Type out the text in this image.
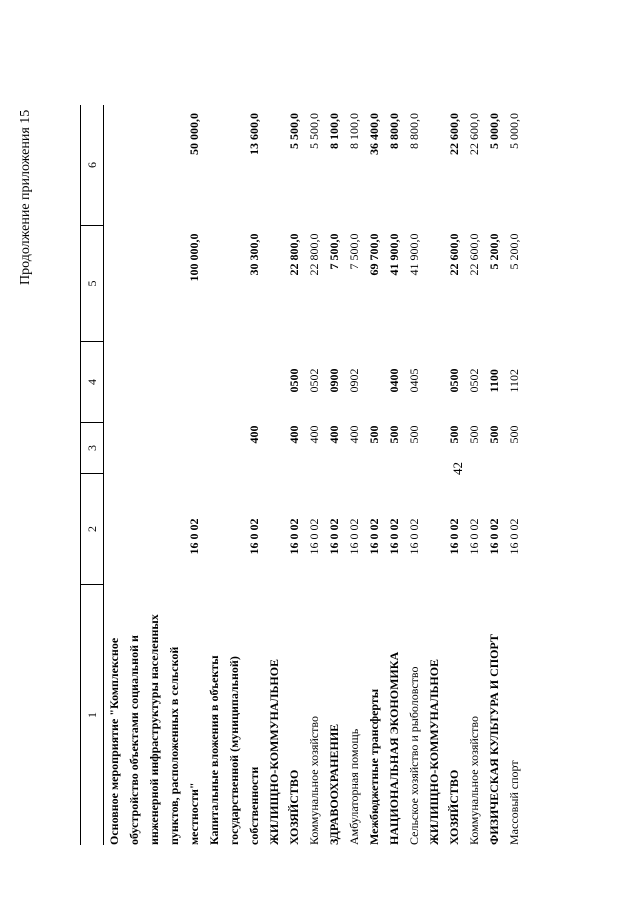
42
Продолжение приложения 15
1	2	3	4	5	6
Основное мероприятие "Комплексное обустройство объектами социальной и инженерной инфраструктуры населенных пунктов, расположенных в сельской местности"	16 0 02			100 000,0	50 000,0
Капитальные вложения в объекты государственной (муниципальной) собственности	16 0 02	400		30 300,0	13 600,0
ЖИЛИЩНО-КОММУНАЛЬНОЕ ХОЗЯЙСТВО	16 0 02	400	0500	22 800,0	5 500,0
Коммунальное хозяйство	16 0 02	400	0502	22 800,0	5 500,0
ЗДРАВООХРАНЕНИЕ	16 0 02	400	0900	7 500,0	8 100,0
Амбулаторная помощь	16 0 02	400	0902	7 500,0	8 100,0
Межбюджетные трансферты	16 0 02	500		69 700,0	36 400,0
НАЦИОНАЛЬНАЯ ЭКОНОМИКА	16 0 02	500	0400	41 900,0	8 800,0
Сельское хозяйство и рыболовство	16 0 02	500	0405	41 900,0	8 800,0
ЖИЛИЩНО-КОММУНАЛЬНОЕ ХОЗЯЙСТВО	16 0 02	500	0500	22 600,0	22 600,0
Коммунальное хозяйство	16 0 02	500	0502	22 600,0	22 600,0
ФИЗИЧЕСКАЯ КУЛЬТУРА И СПОРТ	16 0 02	500	1100	5 200,0	5 000,0
Массовый спорт	16 0 02	500	1102	5 200,0	5 000,0
